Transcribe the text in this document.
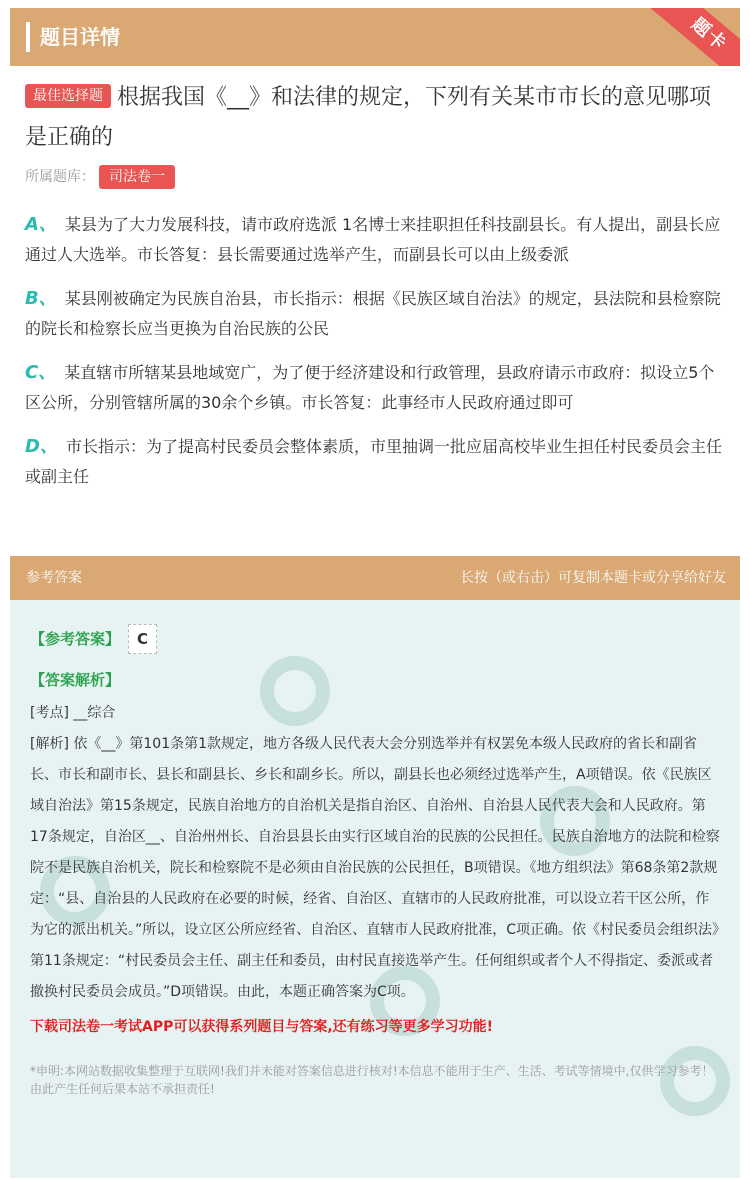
题目详情	题卡
最佳选择题 根据我国《__》和法律的规定，下列有关某市市长的意见哪项是正确的
所属题库： 司法卷一
A、 某县为了大力发展科技，请市政府选派 1名博士来挂职担任科技副县长。有人提出，副县长应通过人大选举。市长答复：县长需要通过选举产生，而副县长可以由上级委派
B、 某县刚被确定为民族自治县，市长指示：根据《民族区域自治法》的规定，县法院和县检察院的院长和检察长应当更换为自治民族的公民
C、 某直辖市所辖某县地域宽广，为了便于经济建设和行政管理，县政府请示市政府：拟设立5个区公所，分别管辖所属的30余个乡镇。市长答复：此事经市人民政府通过即可
D、 市长指示：为了提高村民委员会整体素质，市里抽调一批应届高校毕业生担任村民委员会主任或副主任
参考答案	长按（或右击）可复制本题卡或分享给好友
【参考答案】 C
【答案解析】
[考点] __综合
[解析] 依《__》第101条第1款规定，地方各级人民代表大会分别选举并有权罢免本级人民政府的省长和副省长、市长和副市长、县长和副县长、乡长和副乡长。所以，副县长也必须经过选举产生，A项错误。依《民族区域自治法》第15条规定，民族自治地方的自治机关是指自治区、自治州、自治县人民代表大会和人民政府。第17条规定，自治区__、自治州州长、自治县县长由实行区域自治的民族的公民担任。民族自治地方的法院和检察院不是民族自治机关，院长和检察院不是必须由自治民族的公民担任，B项错误。《地方组织法》第68条第2款规定：“县、自治县的人民政府在必要的时候，经省、自治区、直辖市的人民政府批准，可以设立若干区公所，作为它的派出机关。”所以，设立区公所应经省、自治区、直辖市人民政府批准，C项正确。依《村民委员会组织法》第11条规定：“村民委员会主任、副主任和委员，由村民直接选举产生。任何组织或者个人不得指定、委派或者撤换村民委员会成员。”D项错误。由此，本题正确答案为C项。
下载司法卷一考试APP可以获得系列题目与答案,还有练习等更多学习功能!
*申明:本网站数据收集整理于互联网!我们并未能对答案信息进行核对!本信息不能用于生产、生活、考试等情境中,仅供学习参考！由此产生任何后果本站不承担责任!
